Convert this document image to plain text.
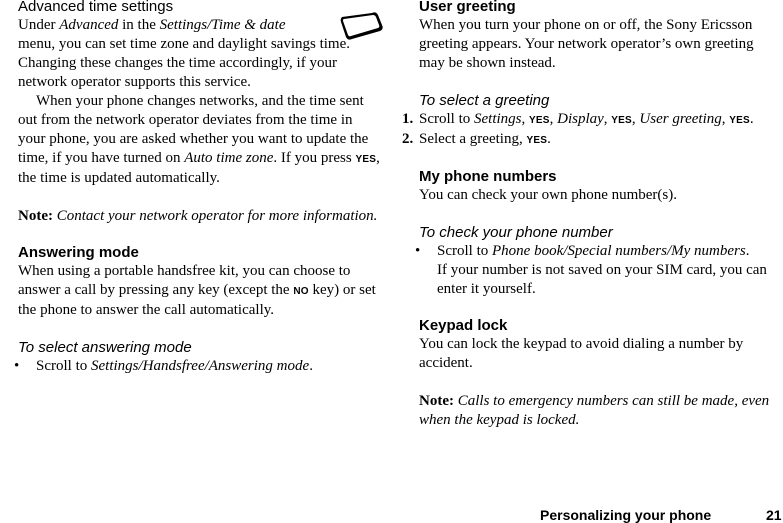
Advanced time settings

Under Advanced in the Settings/Time & date
menu, you can set time zone and daylight savings time. Changing these changes the time accordingly, if your network operator supports this service.

When your phone changes networks, and the time sent out from the network operator deviates from the time in your phone, you are asked whether you want to update the time, if you have turned on Auto time zone. If you press YES, the time is updated automatically.

Note: Contact your network operator for more information.

Answering mode

When using a portable handsfree kit, you can choose to answer a call by pressing any key (except the NO key) or set the phone to answer the call automatically.

To select answering mode

• Scroll to Settings/Handsfree/Answering mode.

User greeting

When you turn your phone on or off, the Sony Ericsson greeting appears. Your network operator’s own greeting may be shown instead.

To select a greeting

1. Scroll to Settings, YES, Display, YES, User greeting, YES.

2. Select a greeting, YES.

My phone numbers

You can check your own phone number(s).

To check your phone number

• Scroll to Phone book/Special numbers/My numbers.
If your number is not saved on your SIM card, you can enter it yourself.

Keypad lock

You can lock the keypad to avoid dialing a number by accident.

Note: Calls to emergency numbers can still be made, even when the keypad is locked.

Personalizing your phone	21
